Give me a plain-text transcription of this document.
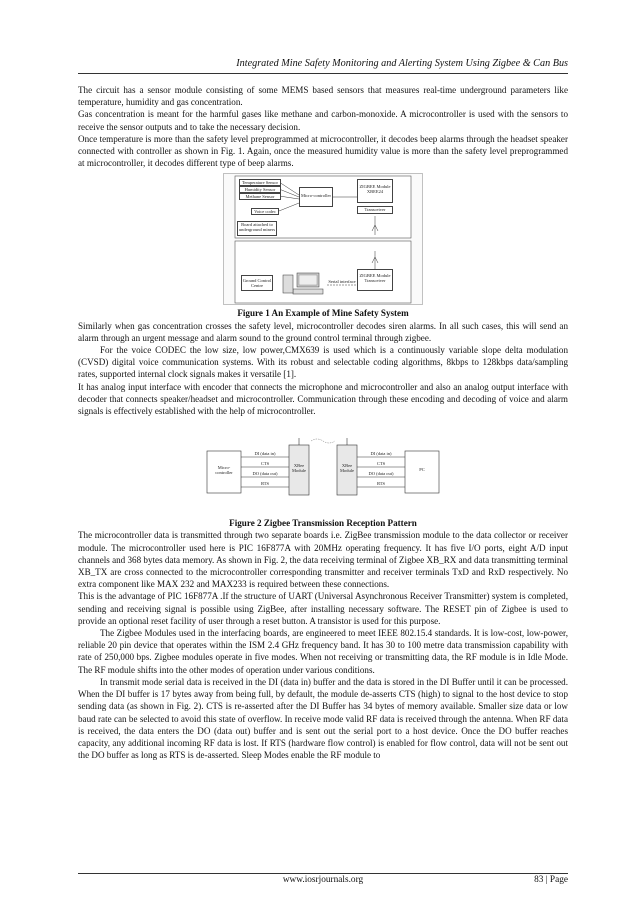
Integrated Mine Safety Monitoring and Alerting System Using Zigbee & Can Bus

The circuit has a sensor module consisting of some MEMS based sensors that measures real-time underground parameters like temperature, humidity and gas concentration.

Gas concentration is meant for the harmful gases like methane and carbon-monoxide. A microcontroller is used with the sensors to receive the sensor outputs and to take the necessary decision.

Once temperature is more than the safety level preprogrammed at microcontroller, it decodes beep alarms through the headset speaker connected with controller as shown in Fig. 1. Again, once the measured humidity value is more than the safety level preprogrammed at microcontroller, it decodes different type of beep alarms.

Temperature Sensor
Humidity Sensor
Methane Sensor	Micro-controller
ZIGBEE Module XBEE24
Transceiver
Voice codec
Board attached to underground miners
Ground Control Centre
ZIGBEE Module Transceiver
Serial interface

Figure 1 An Example of Mine Safety System

Similarly when gas concentration crosses the safety level, microcontroller decodes siren alarms. In all such cases, this will send an alarm through an urgent message and alarm sound to the ground control terminal through zigbee.

For the voice CODEC the low size, low power,CMX639 is used which is a continuously variable slope delta modulation (CVSD) digital voice communication systems. With its robust and selectable coding algorithms, 8kbps to 128kbps data/sampling rates, supported internal clock signals makes it versatile [1].

It has analog input interface with encoder that connects the microphone and microcontroller and also an analog output interface with decoder that connects speaker/headset and microcontroller. Communication through these encoding and decoding of voice and alarm signals is effectively established with the help of microcontroller.

Micro-controller
XBee Module
XBee Module	PC
DI (data in)
CTS
DO (data out)
RTS
DI (data in)
CTS
DO (data out)
RTS

Figure 2 Zigbee Transmission Reception Pattern

The microcontroller data is transmitted through two separate boards i.e. ZigBee transmission module to the data collector or receiver module. The microcontroller used here is PIC 16F877A with 20MHz operating frequency. It has five I/O ports, eight A/D input channels and 368 bytes data memory. As shown in Fig. 2, the data receiving terminal of Zigbee XB_RX and data transmitting terminal XB_TX are cross connected to the microcontroller corresponding transmitter and receiver terminals TxD and RxD respectively. No extra component like MAX 232 and MAX233 is required between these connections.

This is the advantage of PIC 16F877A .If the structure of UART (Universal Asynchronous Receiver Transmitter) system is completed, sending and receiving signal is possible using ZigBee, after installing necessary software. The RESET pin of Zigbee is used to provide an optional reset facility of user through a reset button. A transistor is used for this purpose.

The Zigbee Modules used in the interfacing boards, are engineered to meet IEEE 802.15.4 standards. It is low-cost, low-power, reliable 20 pin device that operates within the ISM 2.4 GHz frequency band. It has 30 to 100 metre data transmission capability with rate of 250,000 bps. Zigbee modules operate in five modes. When not receiving or transmitting data, the RF module is in Idle Mode. The RF module shifts into the other modes of operation under various conditions.

In transmit mode serial data is received in the DI (data in) buffer and the data is stored in the DI Buffer until it can be processed. When the DI buffer is 17 bytes away from being full, by default, the module de-asserts CTS (high) to signal to the host device to stop sending data (as shown in Fig. 2). CTS is re-asserted after the DI Buffer has 34 bytes of memory available. Smaller size data or low baud rate can be selected to avoid this state of overflow. In receive mode valid RF data is received through the antenna. When RF data is received, the data enters the DO (data out) buffer and is sent out the serial port to a host device. Once the DO buffer reaches capacity, any additional incoming RF data is lost. If RTS (hardware flow control) is enabled for flow control, data will not be sent out the DO buffer as long as RTS is de-asserted. Sleep Modes enable the RF module to

www.iosrjournals.org	83 | Page
